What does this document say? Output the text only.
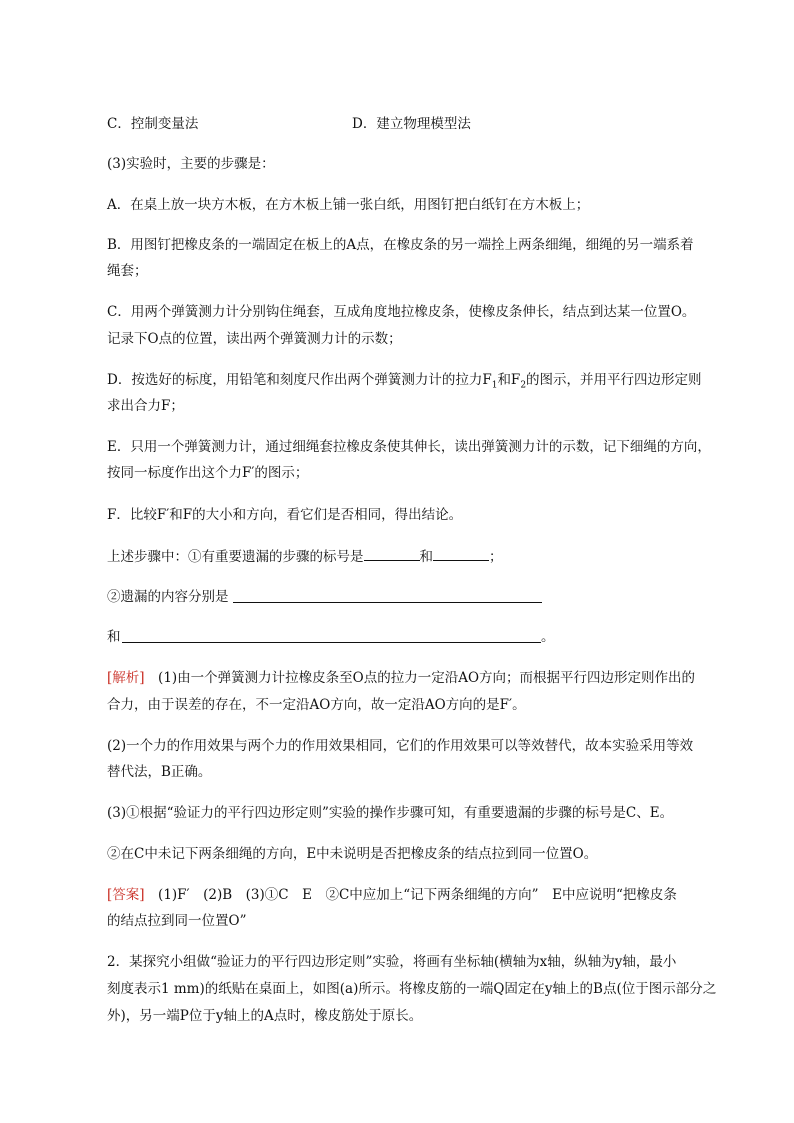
C．控制变量法	D．建立物理模型法
(3)实验时，主要的步骤是：
A．在桌上放一块方木板，在方木板上铺一张白纸，用图钉把白纸钉在方木板上；
B．用图钉把橡皮条的一端固定在板上的A点，在橡皮条的另一端拴上两条细绳，细绳的另一端系着
绳套；
C．用两个弹簧测力计分别钩住绳套，互成角度地拉橡皮条，使橡皮条伸长，结点到达某一位置O。
记录下O点的位置，读出两个弹簧测力计的示数；
D．按选好的标度，用铅笔和刻度尺作出两个弹簧测力计的拉力$F_1$和$F_2$的图示，并用平行四边形定则
求出合力F；
E．只用一个弹簧测力计，通过细绳套拉橡皮条使其伸长，读出弹簧测力计的示数，记下细绳的方向，
按同一标度作出这个力F′的图示；
F．比较F′和F的大小和方向，看它们是否相同，得出结论。
上述步骤中：①有重要遗漏的步骤的标号是	和	；
②遗漏的内容分别是
和	。
[解析]　(1)由一个弹簧测力计拉橡皮条至O点的拉力一定沿AO方向；而根据平行四边形定则作出的
合力，由于误差的存在，不一定沿AO方向，故一定沿AO方向的是F′。
(2)一个力的作用效果与两个力的作用效果相同，它们的作用效果可以等效替代，故本实验采用等效
替代法，B正确。
(3)①根据“验证力的平行四边形定则”实验的操作步骤可知，有重要遗漏的步骤的标号是C、E。
②在C中未记下两条细绳的方向，E中未说明是否把橡皮条的结点拉到同一位置O。
[答案]　(1)F′　(2)B　(3)①C　E　②C中应加上“记下两条细绳的方向”　E中应说明“把橡皮条
的结点拉到同一位置O”
2．某探究小组做“验证力的平行四边形定则”实验，将画有坐标轴(横轴为x轴，纵轴为y轴，最小
刻度表示1 mm)的纸贴在桌面上，如图(a)所示。将橡皮筋的一端Q固定在y轴上的B点(位于图示部分之
外)，另一端P位于y轴上的A点时，橡皮筋处于原长。
